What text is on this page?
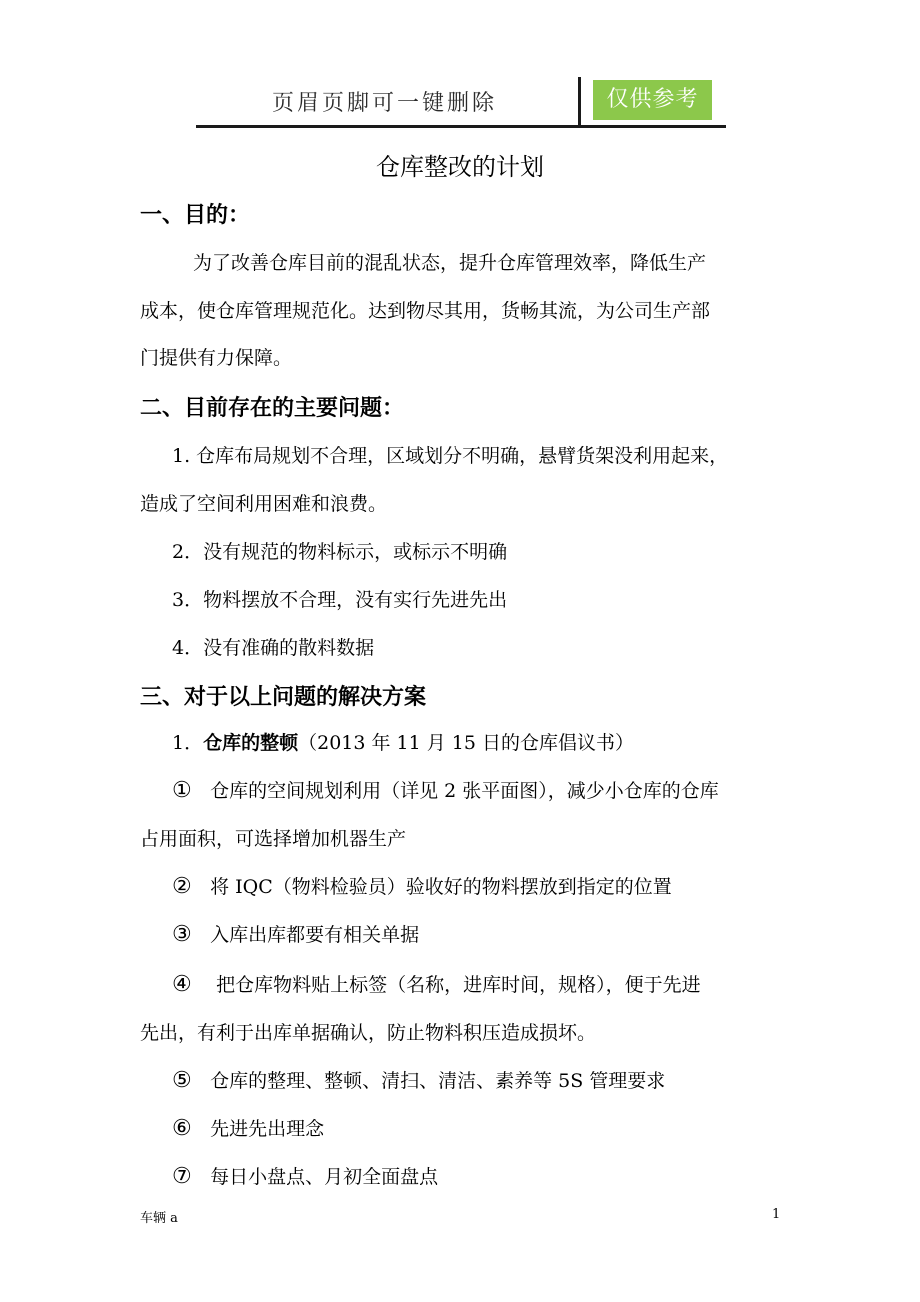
页眉页脚可一键删除	仅供参考
仓库整改的计划
一、目的：
为了改善仓库目前的混乱状态，提升仓库管理效率，降低生产
成本，使仓库管理规范化。达到物尽其用，货畅其流，为公司生产部
门提供有力保障。
二、目前存在的主要问题：
1. 仓库布局规划不合理，区域划分不明确，悬臂货架没利用起来，
造成了空间利用困难和浪费。
2．没有规范的物料标示，或标示不明确
3．物料摆放不合理，没有实行先进先出
4．没有准确的散料数据
三、对于以上问题的解决方案
1．仓库的整顿（2013 年 11 月 15 日的仓库倡议书）
① 仓库的空间规划利用（详见 2 张平面图），减少小仓库的仓库
占用面积，可选择增加机器生产
② 将 IQC（物料检验员）验收好的物料摆放到指定的位置
③ 入库出库都要有相关单据
④ 把仓库物料贴上标签（名称，进库时间，规格），便于先进
先出，有利于出库单据确认，防止物料积压造成损坏。
⑤ 仓库的整理、整顿、清扫、清洁、素养等 5S 管理要求
⑥ 先进先出理念
⑦ 每日小盘点、月初全面盘点
车辆 a	1
